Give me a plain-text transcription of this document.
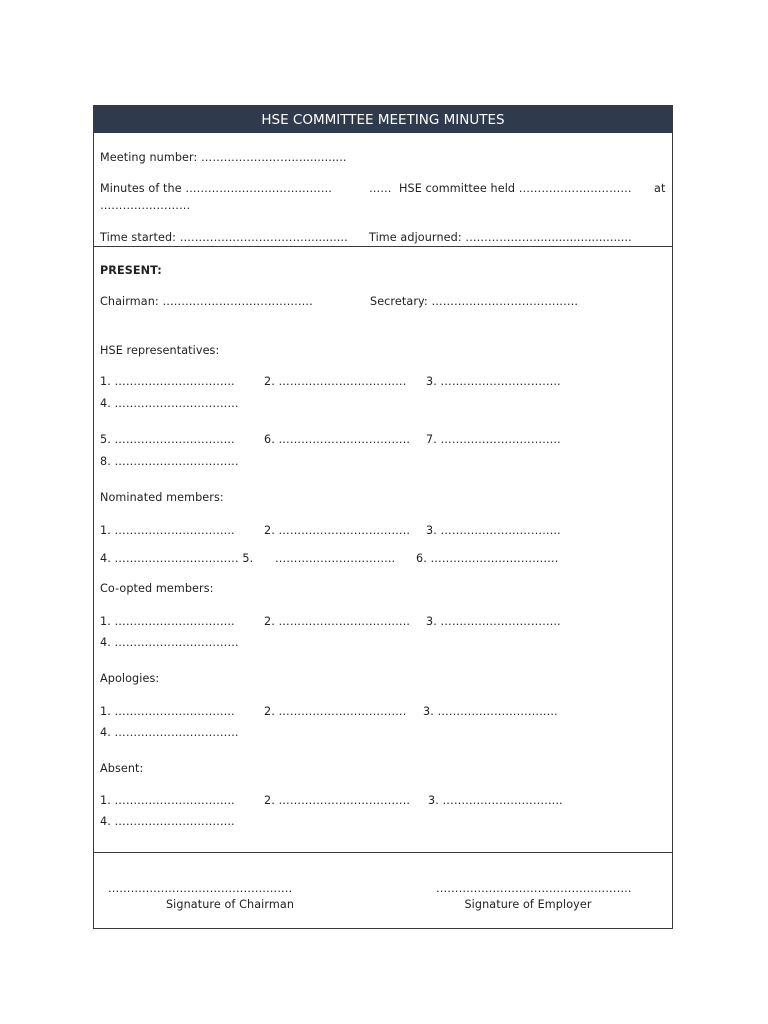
HSE COMMITTEE MEETING MINUTES
Meeting number: ………………………............
Minutes of the …………………………………	…… HSE committee held ………………………… at
……………………
Time started: ……………………………............ Time adjourned: ………………...........................
PRESENT:
Chairman: ………………………………….	Secretary: …………………………………
HSE representatives:
1. …………………………..	2. ……………………………. 3. …………………………..
4. ……………………………
5. …………………………..	6. …………………………….. 7. …………………………..
8. ……………………………
Nominated members:
1. …………………………..	2. …………………………….. 3. …………………………..
4. …………………………… 5. ………………………….. 6. …………………………….
Co-opted members:
1. …………………………..	2. …………………………….. 3. …………………………..
4. ……………………………
Apologies:
1. …………………………..	2. ……………………………. 3. …………………………..
4. ……………………………
Absent:
1. …………………………..	2. …………………………….. 3. …………………………..
4. …………………………..
………………………………………….
Signature of Chairman
…………………………………………….
Signature of Employer
